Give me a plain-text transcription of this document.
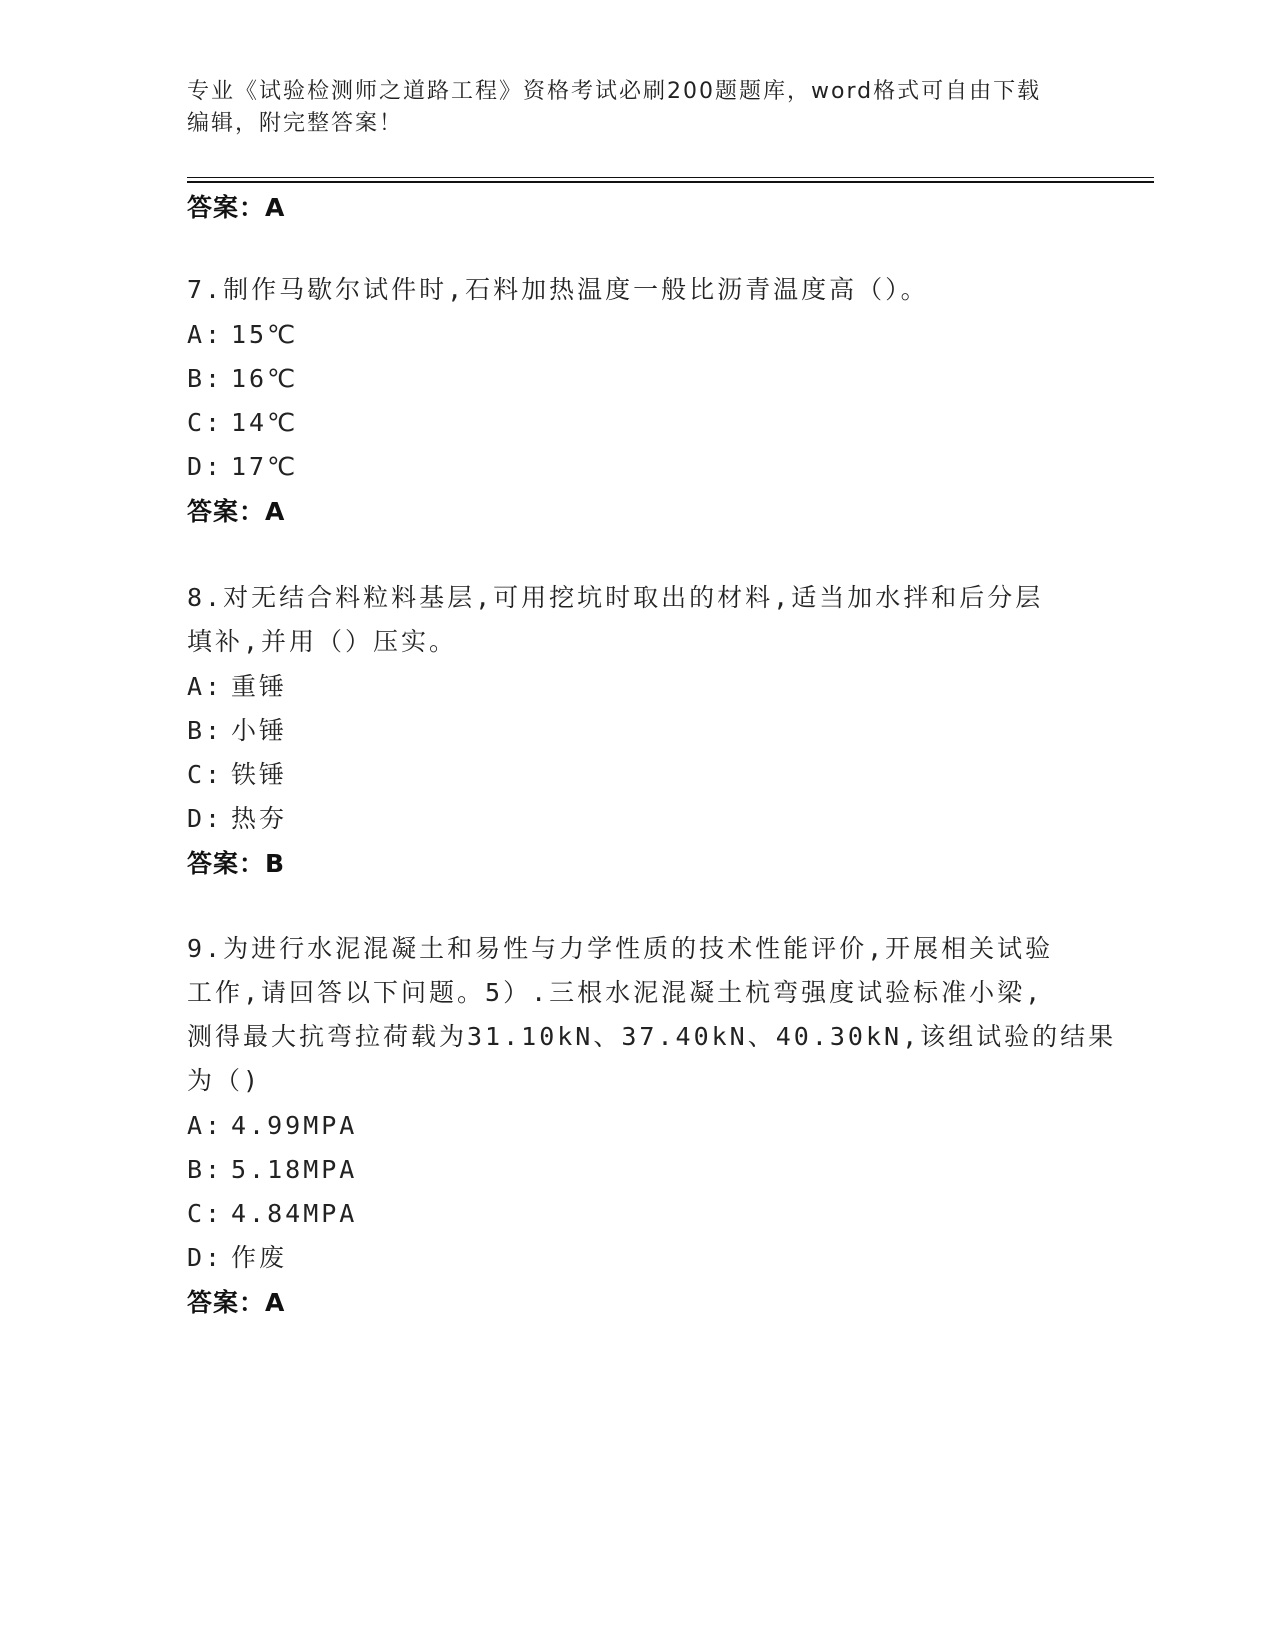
专业《试验检测师之道路工程》资格考试必刷200题题库，word格式可自由下载
编辑，附完整答案！
答案：A
7.制作马歇尔试件时,石料加热温度一般比沥青温度高（）。
A: 15℃
B: 16℃
C: 14℃
D: 17℃
答案：A
8.对无结合料粒料基层,可用挖坑时取出的材料,适当加水拌和后分层
填补,并用（）压实。
A: 重锤
B: 小锤
C: 铁锤
D: 热夯
答案：B
9.为进行水泥混凝土和易性与力学性质的技术性能评价,开展相关试验
工作,请回答以下问题。5）.三根水泥混凝土杭弯强度试验标准小梁,
测得最大抗弯拉荷载为31.10kN、37.40kN、40.30kN,该组试验的结果
为（)
A: 4.99MPA
B: 5.18MPA
C: 4.84MPA
D: 作废
答案：A
